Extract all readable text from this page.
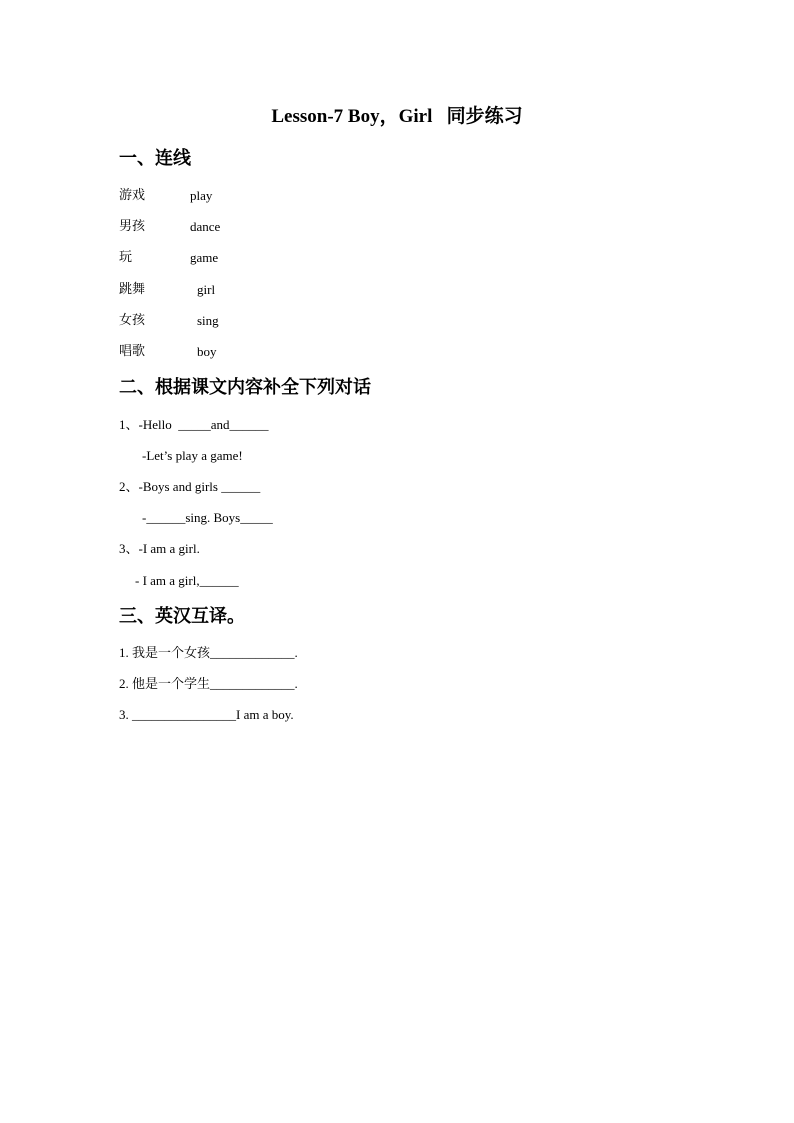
Lesson-7 Boy，Girl   同步练习
一、连线
游戏	play
男孩	dance
玩	game
跳舞	girl
女孩	sing
唱歌	boy
二、根据课文内容补全下列对话
1、-Hello  _____and______
-Let’s play a game!
2、-Boys and girls ______
-______sing. Boys_____
3、-I am a girl.
- I am a girl,______
三、英汉互译。
1. 我是一个女孩_____________.
2. 他是一个学生_____________.
3. ________________I am a boy.
